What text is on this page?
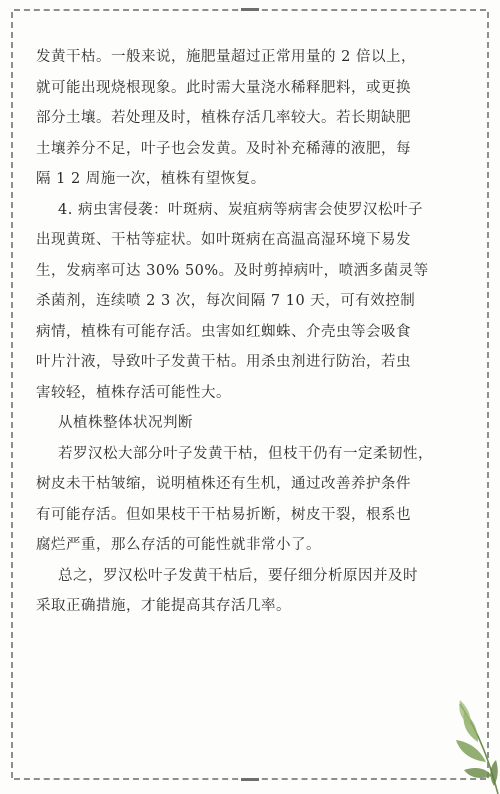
发黄干枯。一般来说，施肥量超过正常用量的 2 倍以上，
就可能出现烧根现象。此时需大量浇水稀释肥料，或更换
部分土壤。若处理及时，植株存活几率较大。若长期缺肥
土壤养分不足，叶子也会发黄。及时补充稀薄的液肥，每
隔 1 2 周施一次，植株有望恢复。
4. 病虫害侵袭：叶斑病、炭疽病等病害会使罗汉松叶子
出现黄斑、干枯等症状。如叶斑病在高温高湿环境下易发
生，发病率可达 30% 50%。及时剪掉病叶，喷洒多菌灵等
杀菌剂，连续喷 2 3 次，每次间隔 7 10 天，可有效控制
病情，植株有可能存活。虫害如红蜘蛛、介壳虫等会吸食
叶片汁液，导致叶子发黄干枯。用杀虫剂进行防治，若虫
害较轻，植株存活可能性大。
从植株整体状况判断
若罗汉松大部分叶子发黄干枯，但枝干仍有一定柔韧性，
树皮未干枯皱缩，说明植株还有生机，通过改善养护条件
有可能存活。但如果枝干干枯易折断，树皮干裂，根系也
腐烂严重，那么存活的可能性就非常小了。
总之，罗汉松叶子发黄干枯后，要仔细分析原因并及时
采取正确措施，才能提高其存活几率。
